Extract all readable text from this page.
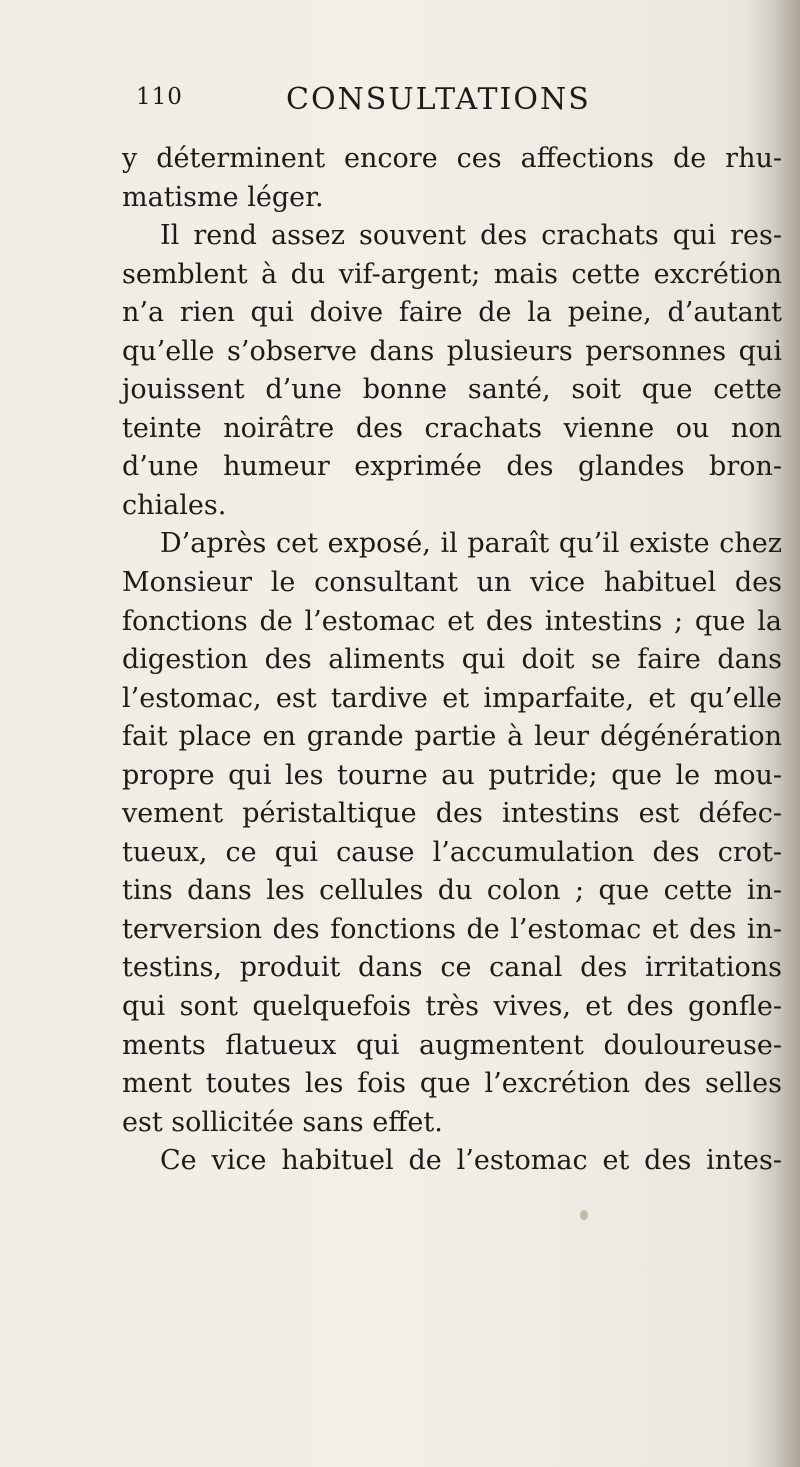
110	CONSULTATIONS
y déterminent encore ces affections de rhu-
matisme léger.
Il rend assez souvent des crachats qui res-
semblent à du vif-argent; mais cette excrétion
n’a rien qui doive faire de la peine, d’autant
qu’elle s’observe dans plusieurs personnes qui
jouissent d’une bonne santé, soit que cette
teinte noirâtre des crachats vienne ou non
d’une humeur exprimée des glandes bron-
chiales.
D’après cet exposé, il paraît qu’il existe chez
Monsieur le consultant un vice habituel des
fonctions de l’estomac et des intestins ; que la
digestion des aliments qui doit se faire dans
l’estomac, est tardive et imparfaite, et qu’elle
fait place en grande partie à leur dégénération
propre qui les tourne au putride; que le mou-
vement péristaltique des intestins est défec-
tueux, ce qui cause l’accumulation des crot-
tins dans les cellules du colon ; que cette in-
terversion des fonctions de l’estomac et des in-
testins, produit dans ce canal des irritations
qui sont quelquefois très vives, et des gonfle-
ments flatueux qui augmentent douloureuse-
ment toutes les fois que l’excrétion des selles
est sollicitée sans effet.
Ce vice habituel de l’estomac et des intes-
